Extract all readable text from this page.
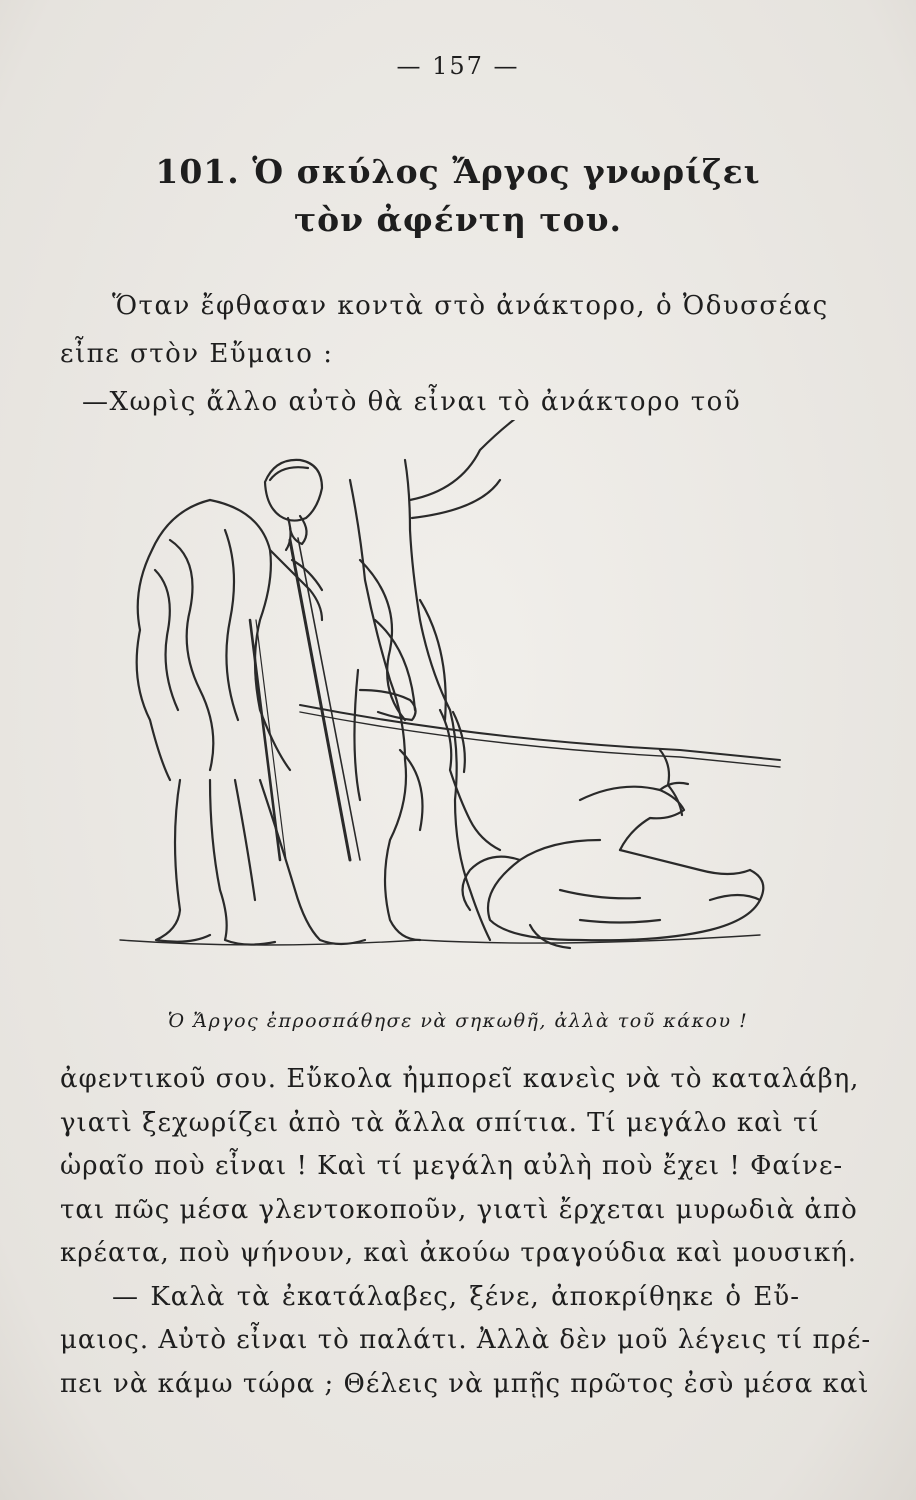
— 157 —
101. Ὁ σκύλος Ἄργος γνωρίζει
τὸν ἀφέντη του.
Ὅταν ἔφθασαν κοντὰ στὸ ἀνάκτορο, ὁ Ὀδυσσέας
εἶπε στὸν Εὔμαιο :
—Χωρὶς ἄλλο αὐτὸ θὰ εἶναι τὸ ἀνάκτορο τοῦ
Ὁ Ἄργος ἐπροσπάθησε νὰ σηκωθῆ, ἀλλὰ τοῦ κάκου !
ἀφεντικοῦ σου. Εὔκολα ἠμπορεῖ κανεὶς νὰ τὸ καταλάβη,
γιατὶ ξεχωρίζει ἀπὸ τὰ ἄλλα σπίτια. Τί μεγάλο καὶ τί
ὡραῖο ποὺ εἶναι ! Καὶ τί μεγάλη αὐλὴ ποὺ ἔχει ! Φαίνε-
ται πῶς μέσα γλεντοκοποῦν, γιατὶ ἔρχεται μυρωδιὰ ἀπὸ
κρέατα, ποὺ ψήνουν, καὶ ἀκούω τραγούδια καὶ μουσική.
— Καλὰ τὰ ἐκατάλαβες, ξένε, ἀποκρίθηκε ὁ Εὔ-
μαιος. Αὐτὸ εἶναι τὸ παλάτι. Ἀλλὰ δὲν μοῦ λέγεις τί πρέ-
πει νὰ κάμω τώρα ; Θέλεις νὰ μπῇς πρῶτος ἐσὺ μέσα καὶ
